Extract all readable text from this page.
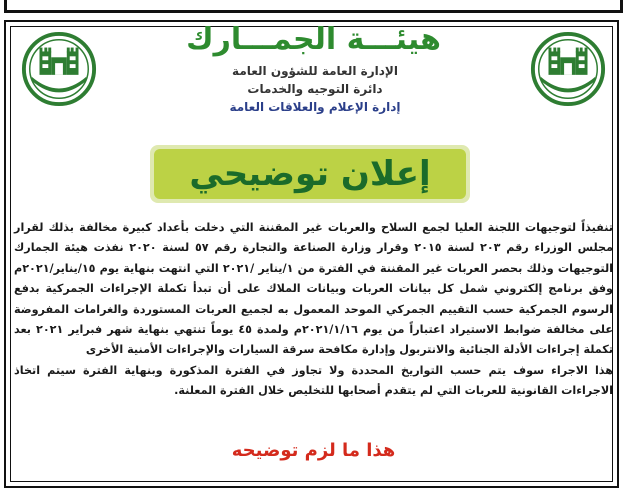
هيئـــة الجمـــارك
الإدارة العامة للشؤون العامة
دائرة التوجيه والخدمات
إدارة الإعلام والعلاقات العامة
إعلان توضيحي

تنفيذاً لتوجيهات اللجنة العليا لجمع السلاح والعربات غير المقننة التي دخلت بأعداد كبيرة مخالفة بذلك لقرار مجلس الوزراء رقم ٢٠٣ لسنة ٢٠١٥ وقرار وزارة الصناعة والتجارة رقم ٥٧ لسنة ٢٠٢٠ نفذت هيئة الجمارك التوجيهات وذلك بحصر العربات غير المقننة في الفترة من ١/يناير /٢٠٢١ التي انتهت بنهاية يوم ١٥/يناير/٢٠٢١م وفق برنامج إلكتروني شمل كل بيانات العربات وبيانات الملاك على أن تبدأ تكملة الإجراءات الجمركية بدفع الرسوم الجمركية حسب التقييم الجمركي الموحد المعمول به لجميع العربات المستوردة والغرامات المفروضة على مخالفة ضوابط الاستيراد اعتباراً من يوم ٢٠٢١/١/١٦م ولمدة ٤٥ يوماً تنتهي بنهاية شهر فبراير ٢٠٢١ بعد تكملة إجراءات الأدلة الجنائية والانتربول وإدارة مكافحة سرقة السيارات والإجراءات الأمنية الأخرى

هذا الاجراء سوف يتم حسب التواريخ المحددة ولا تجاوز في الفترة المذكورة وبنهاية الفترة سيتم اتخاذ الاجراءات القانونية للعربات التي لم يتقدم أصحابها للتخليص خلال الفترة المعلنة.

هذا ما لزم توضيحه
